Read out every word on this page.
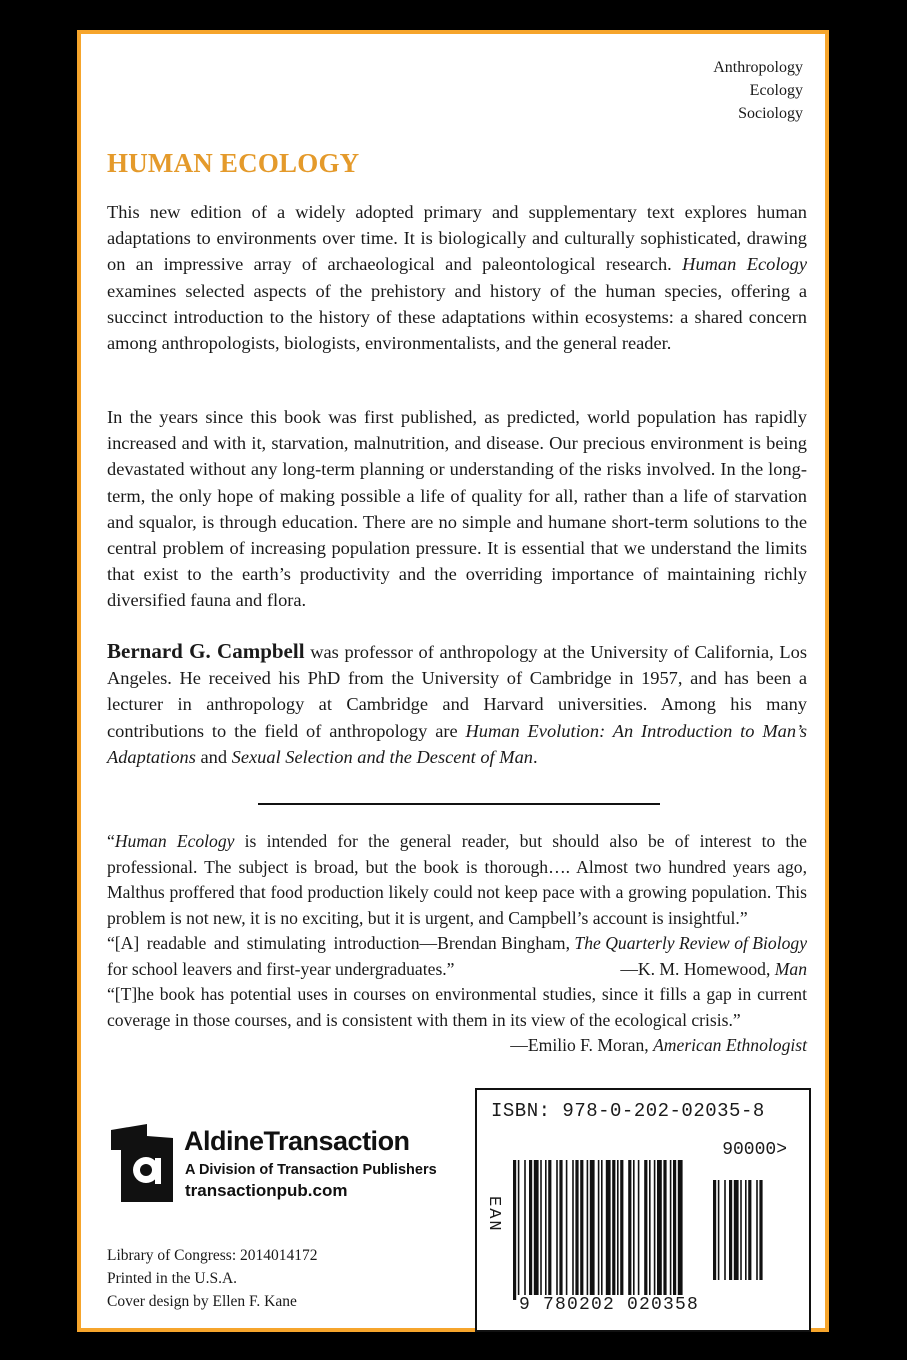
Anthropology
Ecology
Sociology
HUMAN ECOLOGY

This new edition of a widely adopted primary and supplementary text explores human adaptations to environments over time. It is biologically and culturally sophisticated, drawing on an impressive array of archaeological and paleontological research. Human Ecology examines selected aspects of the prehistory and history of the human species, offering a succinct introduction to the history of these adaptations within ecosystems: a shared concern among anthropologists, biologists, environmentalists, and the general reader.

In the years since this book was first published, as predicted, world population has rapidly increased and with it, starvation, malnutrition, and disease. Our precious environment is being devastated without any long-term planning or understanding of the risks involved. In the long-term, the only hope of making possible a life of quality for all, rather than a life of starvation and squalor, is through education. There are no simple and humane short-term solutions to the central problem of increasing population pressure. It is essential that we understand the limits that exist to the earth’s productivity and the overriding importance of maintaining richly diversified fauna and flora.

Bernard G. Campbell was professor of anthropology at the University of California, Los Angeles. He received his PhD from the University of Cambridge in 1957, and has been a lecturer in anthropology at Cambridge and Harvard universities. Among his many contributions to the field of anthropology are Human Evolution: An Introduction to Man’s Adaptations and Sexual Selection and the Descent of Man.

“Human Ecology is intended for the general reader, but should also be of interest to the professional. The subject is broad, but the book is thorough…. Almost two hundred years ago, Malthus proffered that food production likely could not keep pace with a growing population. This problem is not new, it is no exciting, but it is urgent, and Campbell’s account is insightful.”
—Brendan Bingham, The Quarterly Review of Biology

“[A] readable and stimulating introduction for school leavers and first-year undergraduates.”	—K. M. Homewood, Man

“[T]he book has potential uses in courses on environmental studies, since it fills a gap in current coverage in those courses, and is consistent with them in its view of the ecological crisis.”
—Emilio F. Moran, American Ethnologist

AldineTransaction
A Division of Transaction Publishers
transactionpub.com
Library of Congress: 2014014172
Printed in the U.S.A.
Cover design by Ellen F. Kane
ISBN: 978-0-202-02035-8
90000>
EAN
9 780202 020358
